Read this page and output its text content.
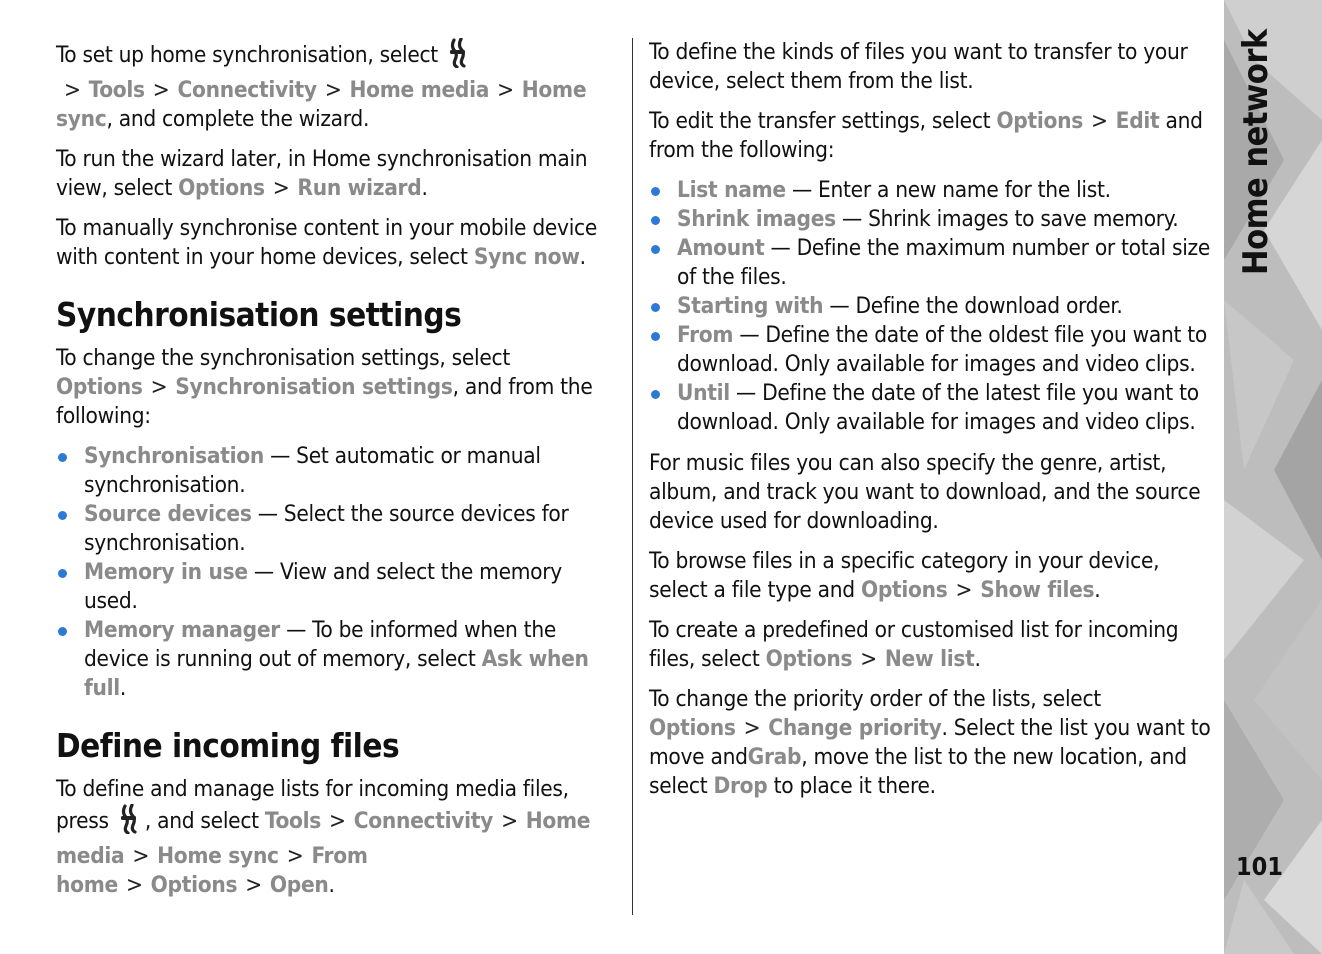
To set up home synchronisation, select  > Tools > Connectivity > Home media > Home sync, and complete the wizard.

To run the wizard later, in Home synchronisation main view, select Options > Run wizard.

To manually synchronise content in your mobile device with content in your home devices, select Sync now.

Synchronisation settings

To change the synchronisation settings, select Options > Synchronisation settings, and from the following:

Synchronisation — Set automatic or manual synchronisation.
Source devices — Select the source devices for synchronisation.
Memory in use — View and select the memory used.
Memory manager — To be informed when the device is running out of memory, select Ask when full.
Define incoming files

To define and manage lists for incoming media files, press , and select Tools > Connectivity > Home media > Home sync > From home > Options > Open.

To define the kinds of files you want to transfer to your device, select them from the list.

To edit the transfer settings, select Options > Edit and from the following:

List name — Enter a new name for the list.
Shrink images — Shrink images to save memory.
Amount — Define the maximum number or total size of the files.
Starting with — Define the download order.
From — Define the date of the oldest file you want to download. Only available for images and video clips.
Until — Define the date of the latest file you want to download. Only available for images and video clips.

For music files you can also specify the genre, artist, album, and track you want to download, and the source device used for downloading.

To browse files in a specific category in your device, select a file type and Options > Show files.

To create a predefined or customised list for incoming files, select Options > New list.

To change the priority order of the lists, select Options > Change priority. Select the list you want to move andGrab, move the list to the new location, and select Drop to place it there.

Home network
101
